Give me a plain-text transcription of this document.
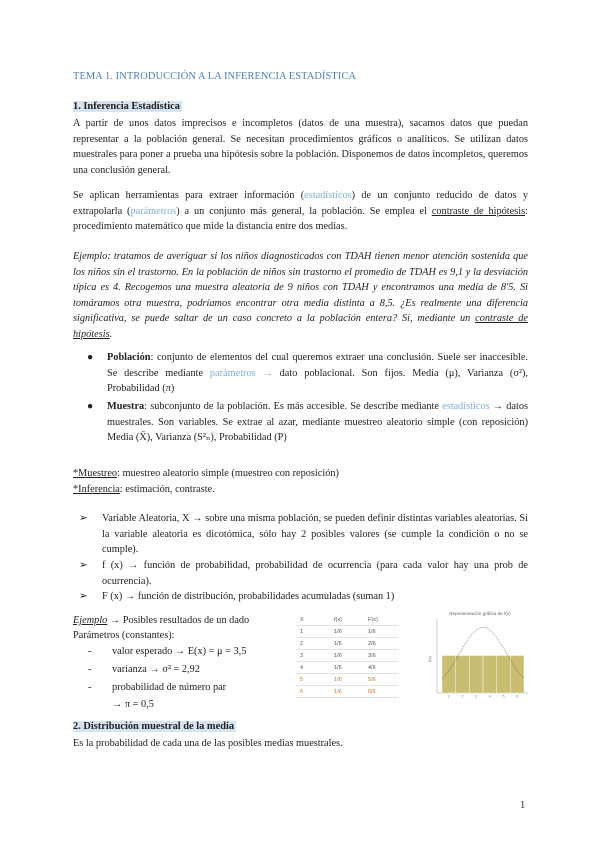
TEMA 1. INTRODUCCIÓN A LA INFERENCIA ESTADÍSTICA
1. Inferencia Estadística

A partir de unos datos imprecisos e incompletos (datos de una muestra), sacamos datos que puedan representar a la población general. Se necesitan procedimientos gráficos o analíticos. Se utilizan datos muestrales para poner a prueba una hipótesis sobre la población. Disponemos de datos incompletos, queremos una conclusión general.

Se aplican herramientas para extraer información (estadísticos) de un conjunto reducido de datos y extrapolarla (parámetros) a un conjunto más general, la población. Se emplea el contraste de hipótesis: procedimiento matemático que mide la distancia entre dos medias.

Ejemplo: tratamos de averiguar si los niños diagnosticados con TDAH tienen menor atención sostenida que los niños sin el trastorno. En la población de niños sin trastorno el promedio de TDAH es 9,1 y la desviación típica es 4. Recogemos una muestra aleatoria de 9 niños con TDAH y encontramos una media de 8'5. Si tomáramos otra muestra, podríamos encontrar otra media distinta a 8,5. ¿Es realmente una diferencia significativa, se puede saltar de un caso concreto a la población entera? Sí, mediante un contraste de hipótesis.

● Población: conjunto de elementos del cual queremos extraer una conclusión. Suele ser inaccesible. Se describe mediante parámetros → dato poblacional. Son fijos. Media (μ), Varianza (σ²), Probabilidad (π)
● Muestra: subconjunto de la población. Es más accesible. Se describe mediante estadísticos → datos muestrales. Son variables. Se extrae al azar, mediante muestreo aleatorio simple (con reposición) Media (X̄), Varianza (S²ₙ), Probabilidad (P)
*Muestreo: muestreo aleatorio simple (muestreo con reposición)
*Inferencia: estimación, contraste.
➢ Variable Aleatoria, X → sobre una misma población, se pueden definir distintas variables aleatorias. Si la variable aleatoria es dicotómica, sólo hay 2 posibles valores (se cumple la condición o no se cumple).
➢ f (x) → función de probabilidad, probabilidad de ocurrencia (para cada valor hay una prob de ocurrencia).
➢ F (x) → función de distribución, probabilidades acumuladas (suman 1)
Ejemplo → Posibles resultados de un dado
Parámetros (constantes):
- valor esperado → E(x) = μ = 3,5
- varianza → σ² = 2,92
- probabilidad de número par
→ π = 0,5
X	f(x)	F(x)
1	1/6	1/6
2	1/6	2/6
3	1/6	3/6
4	1/6	4/6
5	1/6	5/6
6	1/6	6/6
Representación gráfica de f(x)
f(x)
1	2	3	4	5	6
2. Distribución muestral de la media
Es la probabilidad de cada una de las posibles medias muestrales.
1
